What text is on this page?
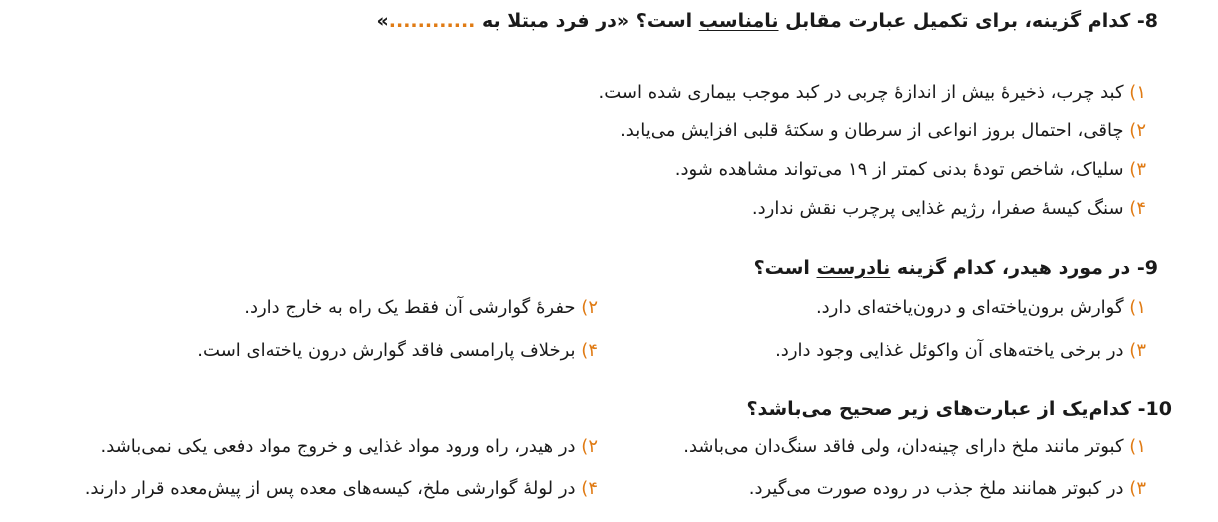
8- کدام گزینه، برای تکمیل عبارت مقابل نامناسب است؟ «در فرد مبتلا به ............»
۱) کبد چرب، ذخیرهٔ بیش از اندازهٔ چربی در کبد موجب بیماری شده است.
۲) چاقی، احتمال بروز انواعی از سرطان و سکتهٔ قلبی افزایش می‌یابد.
۳) سلیاک، شاخص تودهٔ بدنی کمتر از ۱۹ می‌تواند مشاهده شود.
۴) سنگ کیسهٔ صفرا، رژیم غذایی پرچرب نقش ندارد.
9- در مورد هیدر، کدام گزینه نادرست است؟
۱) گوارش برون‌یاخته‌ای و درون‌یاخته‌ای دارد.
۲) حفرهٔ گوارشی آن فقط یک راه به خارج دارد.
۳) در برخی یاخته‌های آن واکوئل غذایی وجود دارد.
۴) برخلاف پارامسی فاقد گوارش درون یاخته‌ای است.
10- کدام‌یک از عبارت‌های زیر صحیح می‌باشد؟
۱) کبوتر مانند ملخ دارای چینه‌دان، ولی فاقد سنگ‌دان می‌باشد.
۲) در هیدر، راه ورود مواد غذایی و خروج مواد دفعی یکی نمی‌باشد.
۳) در کبوتر همانند ملخ جذب در روده صورت می‌گیرد.
۴) در لولهٔ گوارشی ملخ، کیسه‌های معده پس از پیش‌معده قرار دارند.
